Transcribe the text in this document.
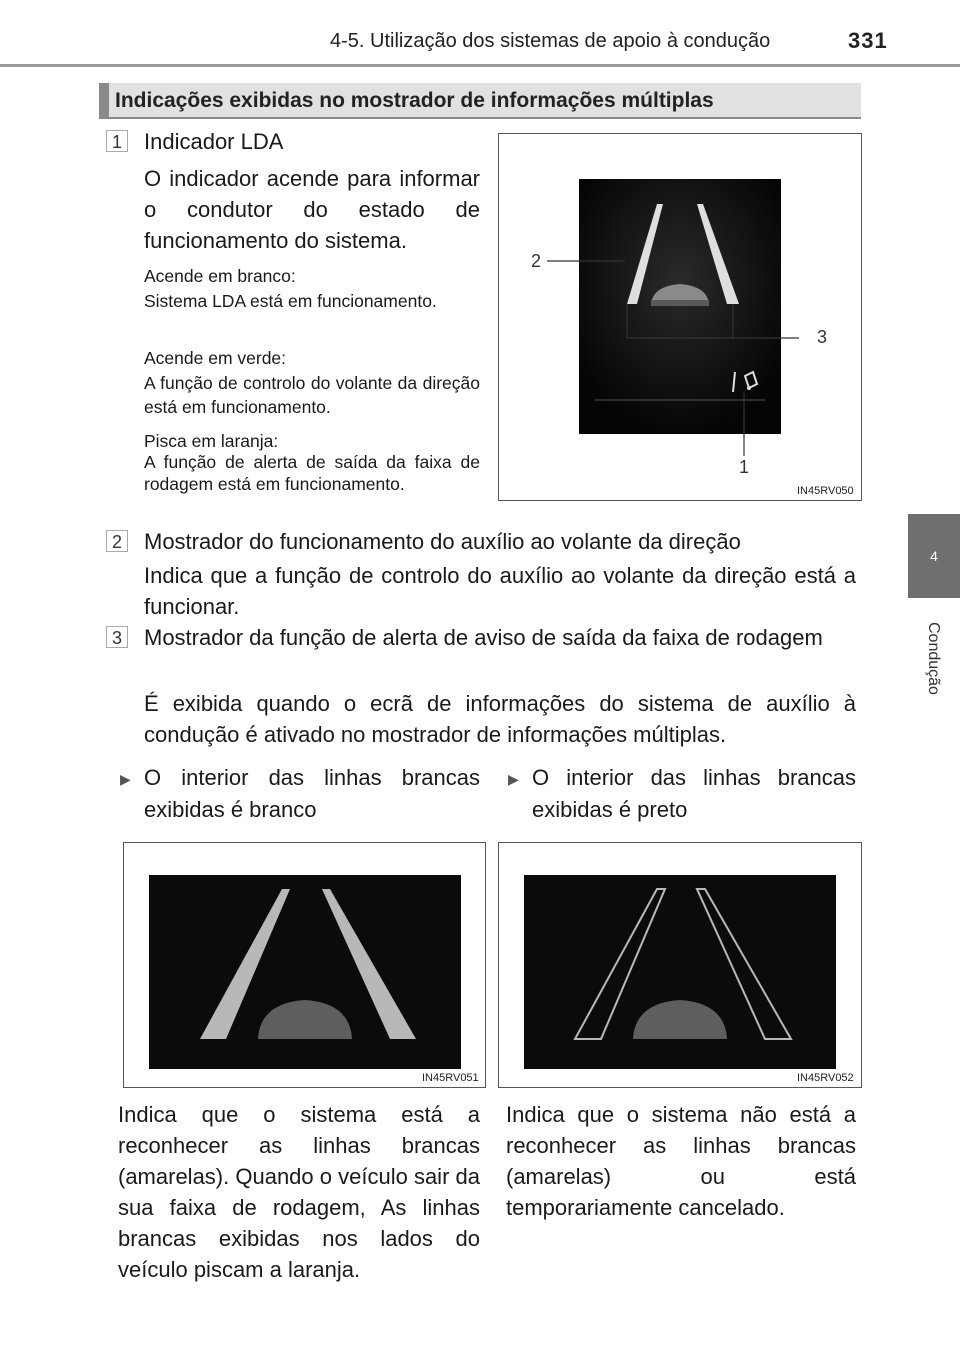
4-5. Utilização dos sistemas de apoio à condução	331
4
Condução
Indicações exibidas no mostrador de informações múltiplas
1 Indicador LDA
O indicador acende para informar o condutor do estado de funcionamento do sistema.
Acende em branco:
Sistema LDA está em funcionamento.
Acende em verde:
A função de controlo do volante da direção está em funcionamento.
Pisca em laranja:
A função de alerta de saída da faixa de rodagem está em funcionamento.
2
3
1
IN45RV050
2 Mostrador do funcionamento do auxílio ao volante da direção
Indica que a função de controlo do auxílio ao volante da direção está a funcionar.
3 Mostrador da função de alerta de aviso de saída da faixa de rodagem
É exibida quando o ecrã de informações do sistema de auxílio à condução é ativado no mostrador de informações múltiplas.
▶ O interior das linhas brancas exibidas é branco
▶ O interior das linhas brancas exibidas é preto
IN45RV051	IN45RV052
Indica que o sistema está a reconhecer as linhas brancas (amarelas). Quando o veículo sair da sua faixa de rodagem, As linhas brancas exibidas nos lados do veículo piscam a laranja.
Indica que o sistema não está a reconhecer as linhas brancas (amarelas) ou está temporariamente cancelado.
